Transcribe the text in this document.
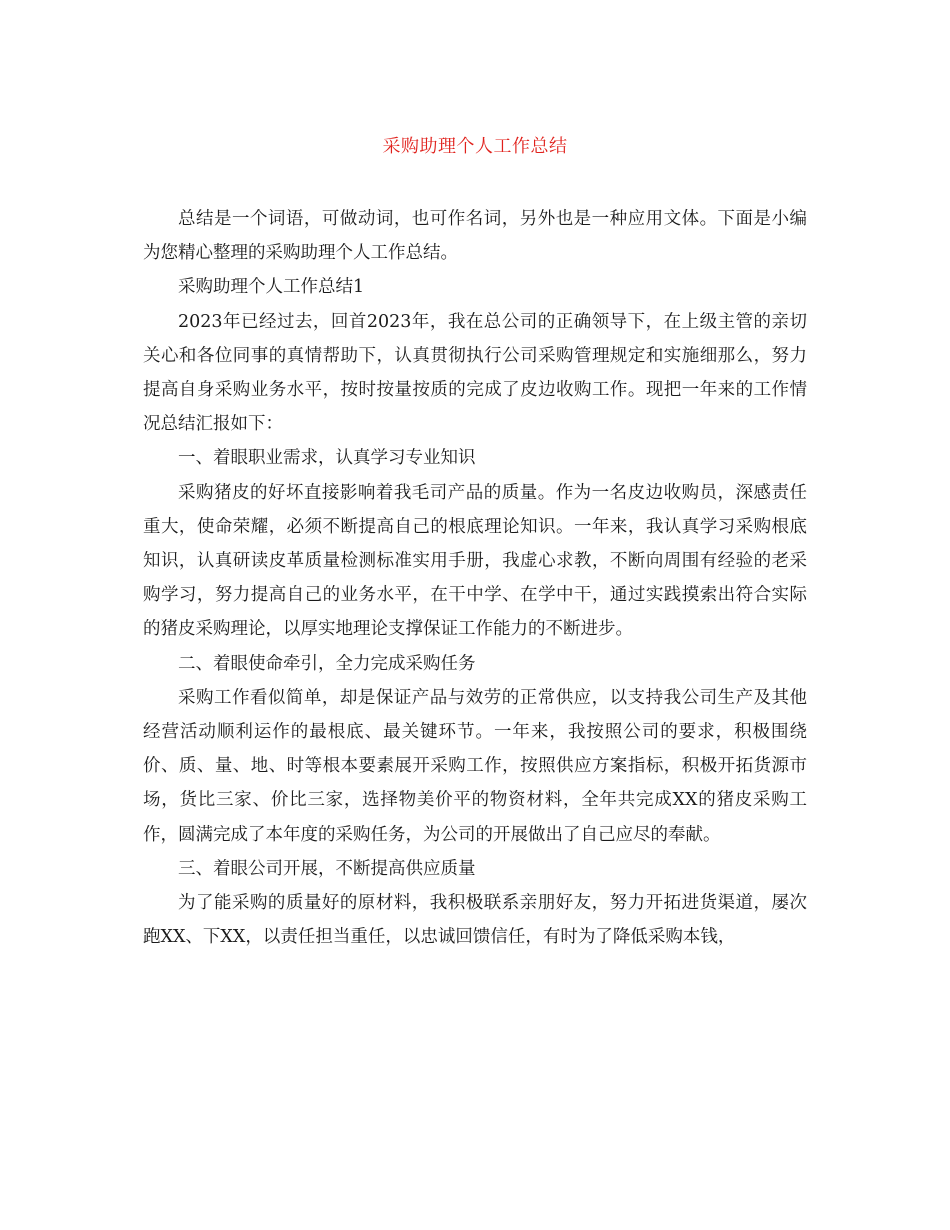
采购助理个人工作总结

总结是一个词语，可做动词，也可作名词，另外也是一种应用文体。下面是小编为您精心整理的采购助理个人工作总结。

采购助理个人工作总结1

2023年已经过去，回首2023年，我在总公司的正确领导下，在上级主管的亲切关心和各位同事的真情帮助下，认真贯彻执行公司采购管理规定和实施细那么，努力提高自身采购业务水平，按时按量按质的完成了皮边收购工作。现把一年来的工作情况总结汇报如下：

一、着眼职业需求，认真学习专业知识

采购猪皮的好坏直接影响着我毛司产品的质量。作为一名皮边收购员，深感责任重大，使命荣耀，必须不断提高自己的根底理论知识。一年来，我认真学习采购根底知识，认真研读皮革质量检测标准实用手册，我虚心求教，不断向周围有经验的老采购学习，努力提高自己的业务水平，在干中学、在学中干，通过实践摸索出符合实际的猪皮采购理论，以厚实地理论支撑保证工作能力的不断进步。

二、着眼使命牵引，全力完成采购任务

采购工作看似简单，却是保证产品与效劳的正常供应，以支持我公司生产及其他经营活动顺利运作的最根底、最关键环节。一年来，我按照公司的要求，积极围绕价、质、量、地、时等根本要素展开采购工作，按照供应方案指标，积极开拓货源市场，货比三家、价比三家，选择物美价平的物资材料，全年共完成XX的猪皮采购工作，圆满完成了本年度的采购任务，为公司的开展做出了自己应尽的奉献。

三、着眼公司开展，不断提高供应质量

为了能采购的质量好的原材料，我积极联系亲朋好友，努力开拓进货渠道，屡次跑XX、下XX，以责任担当重任，以忠诚回馈信任，有时为了降低采购本钱，
